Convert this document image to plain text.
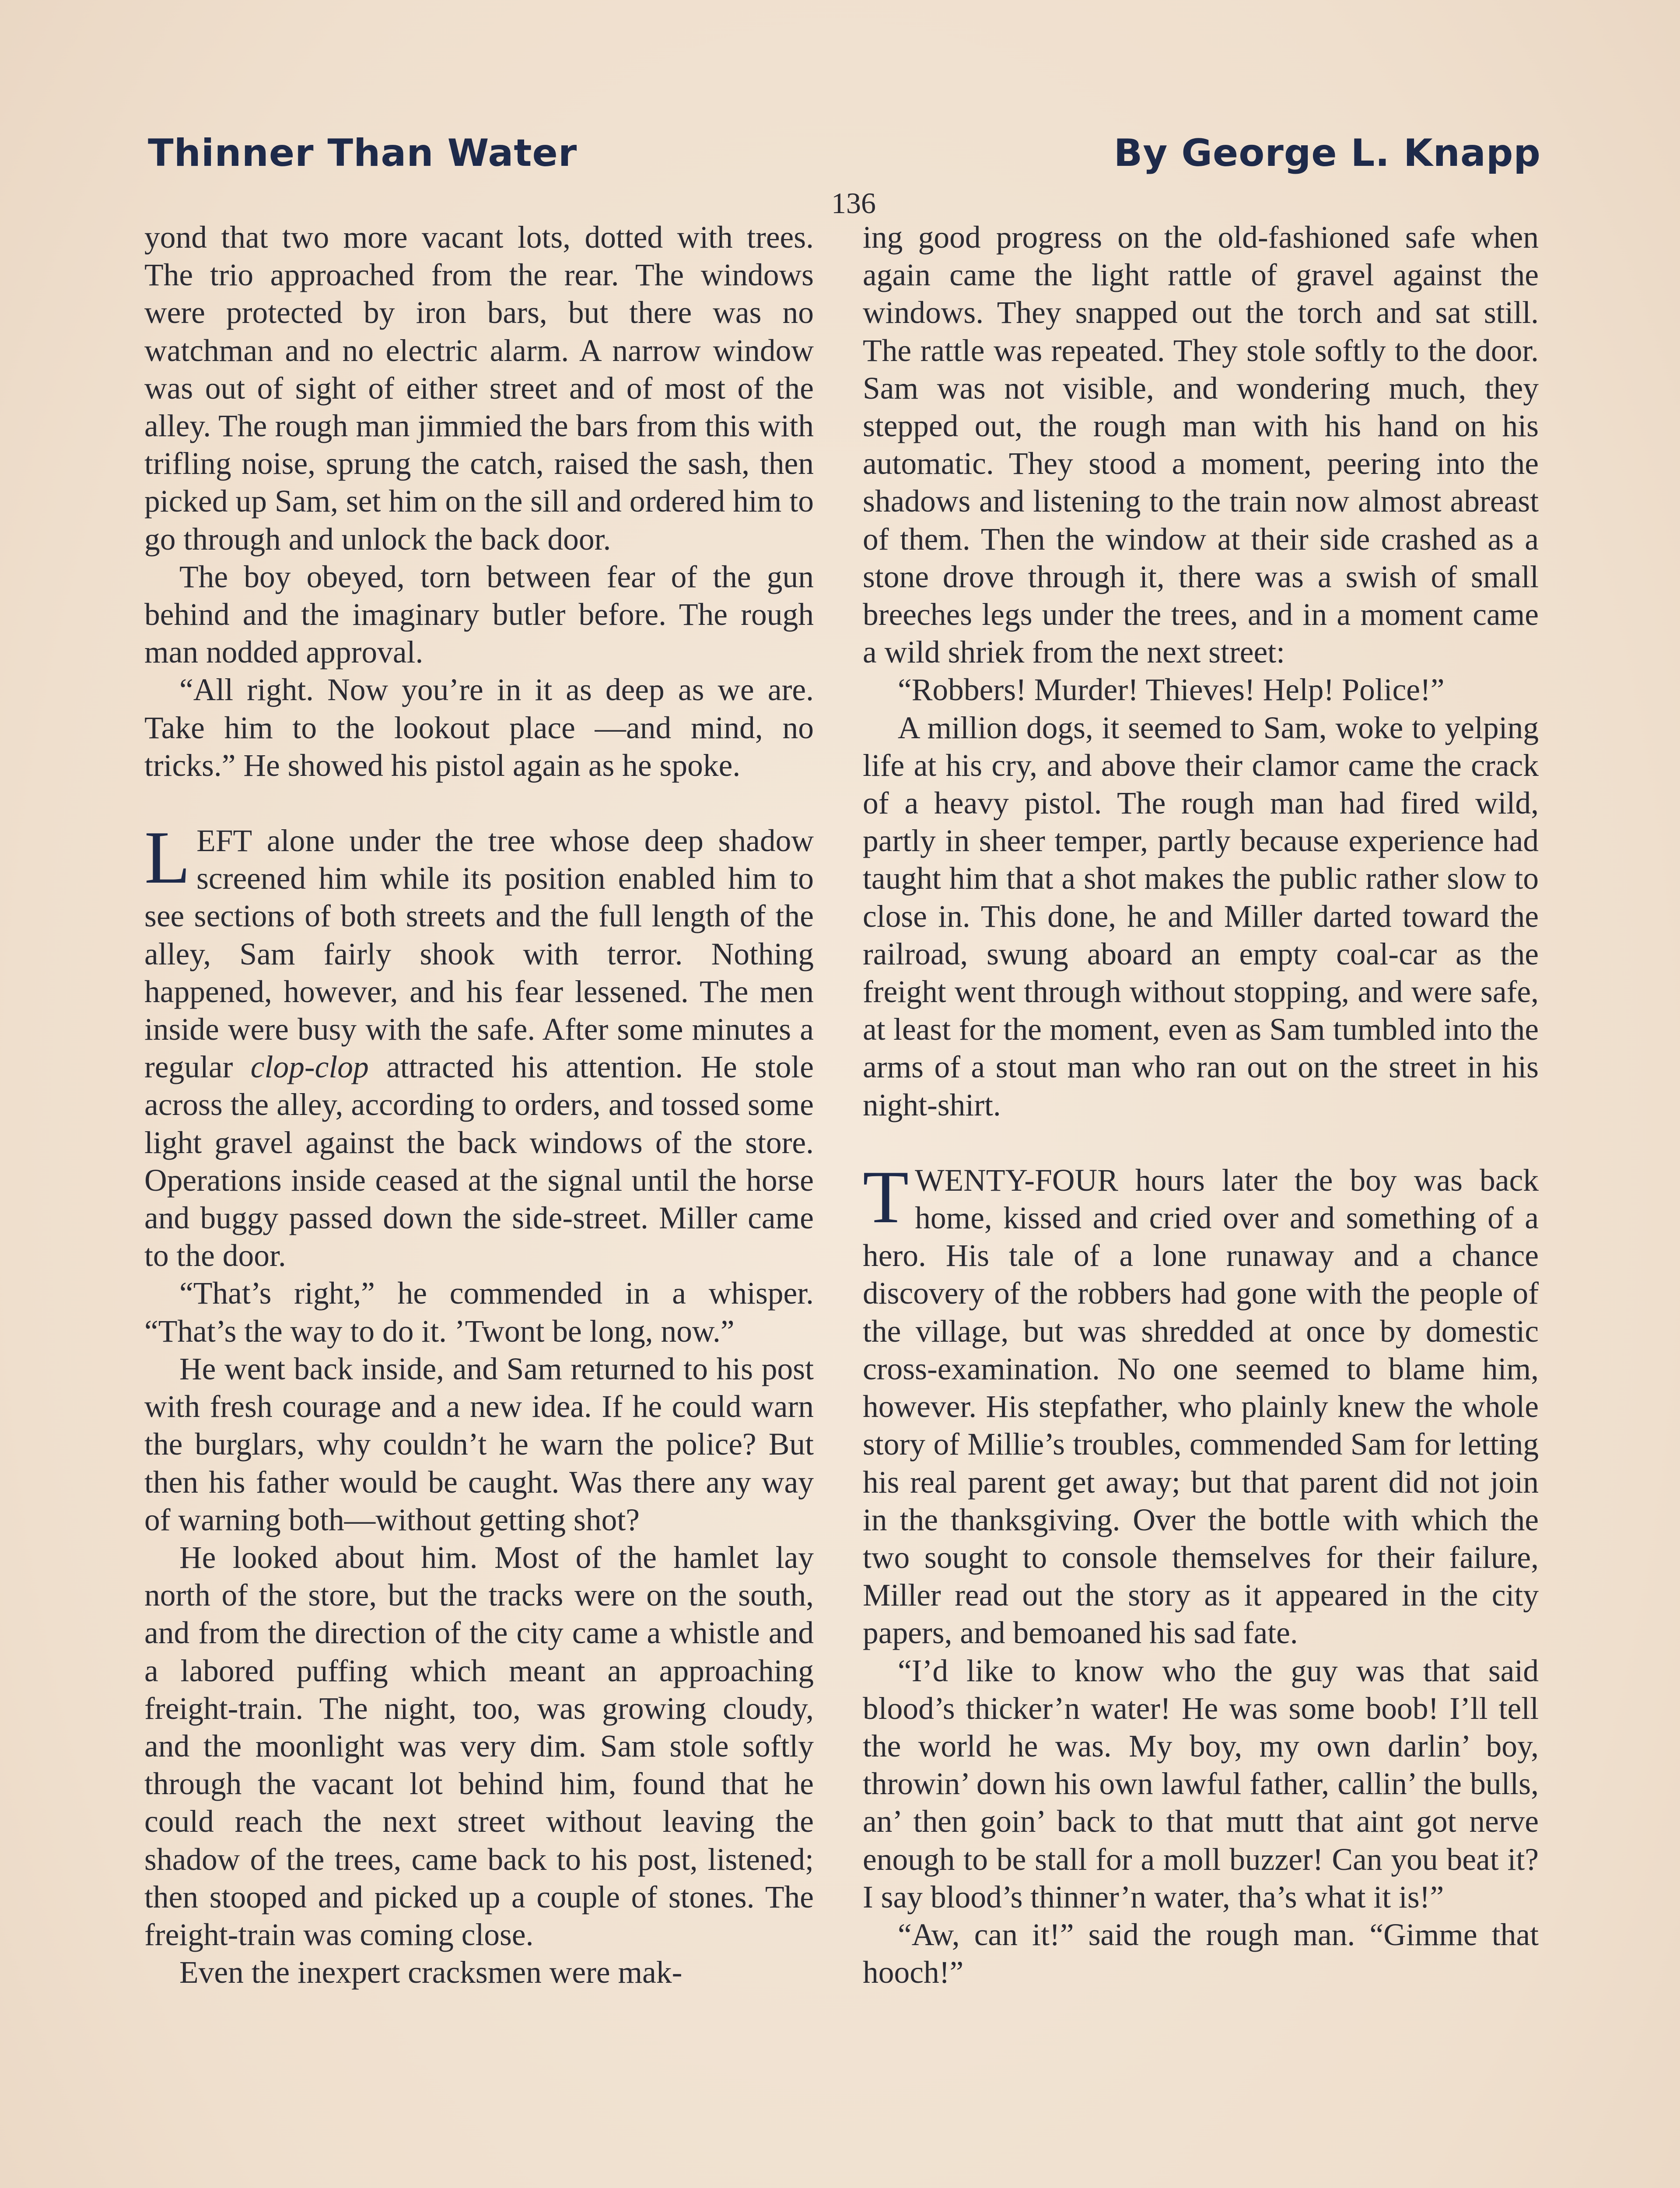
Thinner Than Water	By George L. Knapp
136

yond that two more vacant lots, dotted with trees. The trio approached from the rear. The windows were protected by iron bars, but there was no watchman and no electric alarm. A narrow window was out of sight of either street and of most of the alley. The rough man jimmied the bars from this with trifling noise, sprung the catch, raised the sash, then picked up Sam, set him on the sill and ordered him to go through and unlock the back door.

The boy obeyed, torn between fear of the gun behind and the imaginary butler before. The rough man nodded approval.

“All right. Now you’re in it as deep as we are. Take him to the lookout place —and mind, no tricks.” He showed his pistol again as he spoke.

LEFT alone under the tree whose deep shadow screened him while its position enabled him to see sections of both streets and the full length of the alley, Sam fairly shook with terror. Nothing happened, however, and his fear lessened. The men inside were busy with the safe. After some minutes a regular clop-clop attracted his attention. He stole across the alley, according to orders, and tossed some light gravel against the back windows of the store. Operations inside ceased at the signal until the horse and buggy passed down the side-street. Miller came to the door.

“That’s right,” he commended in a whisper. “That’s the way to do it. ’Twont be long, now.”

He went back inside, and Sam returned to his post with fresh courage and a new idea. If he could warn the burglars, why couldn’t he warn the police? But then his father would be caught. Was there any way of warning both—without getting shot?

He looked about him. Most of the hamlet lay north of the store, but the tracks were on the south, and from the direction of the city came a whistle and a labored puffing which meant an approaching freight-train. The night, too, was growing cloudy, and the moonlight was very dim. Sam stole softly through the vacant lot behind him, found that he could reach the next street without leaving the shadow of the trees, came back to his post, listened; then stooped and picked up a couple of stones. The freight-train was coming close.

Even the inexpert cracksmen were mak-

ing good progress on the old-fashioned safe when again came the light rattle of gravel against the windows. They snapped out the torch and sat still. The rattle was repeated. They stole softly to the door. Sam was not visible, and wondering much, they stepped out, the rough man with his hand on his automatic. They stood a moment, peering into the shadows and listening to the train now almost abreast of them. Then the window at their side crashed as a stone drove through it, there was a swish of small breeches legs under the trees, and in a moment came a wild shriek from the next street:

“Robbers! Murder! Thieves! Help! Police!”

A million dogs, it seemed to Sam, woke to yelping life at his cry, and above their clamor came the crack of a heavy pistol. The rough man had fired wild, partly in sheer temper, partly because experience had taught him that a shot makes the public rather slow to close in. This done, he and Miller darted toward the railroad, swung aboard an empty coal-car as the freight went through without stopping, and were safe, at least for the moment, even as Sam tumbled into the arms of a stout man who ran out on the street in his night-shirt.

TWENTY-FOUR hours later the boy was back home, kissed and cried over and something of a hero. His tale of a lone runaway and a chance discovery of the robbers had gone with the people of the village, but was shredded at once by domestic cross-examination. No one seemed to blame him, however. His stepfather, who plainly knew the whole story of Millie’s troubles, commended Sam for letting his real parent get away; but that parent did not join in the thanksgiving. Over the bottle with which the two sought to console themselves for their failure, Miller read out the story as it appeared in the city papers, and bemoaned his sad fate.

“I’d like to know who the guy was that said blood’s thicker’n water! He was some boob! I’ll tell the world he was. My boy, my own darlin’ boy, throwin’ down his own lawful father, callin’ the bulls, an’ then goin’ back to that mutt that aint got nerve enough to be stall for a moll buzzer! Can you beat it? I say blood’s thinner’n water, tha’s what it is!”

“Aw, can it!” said the rough man. “Gimme that hooch!”
